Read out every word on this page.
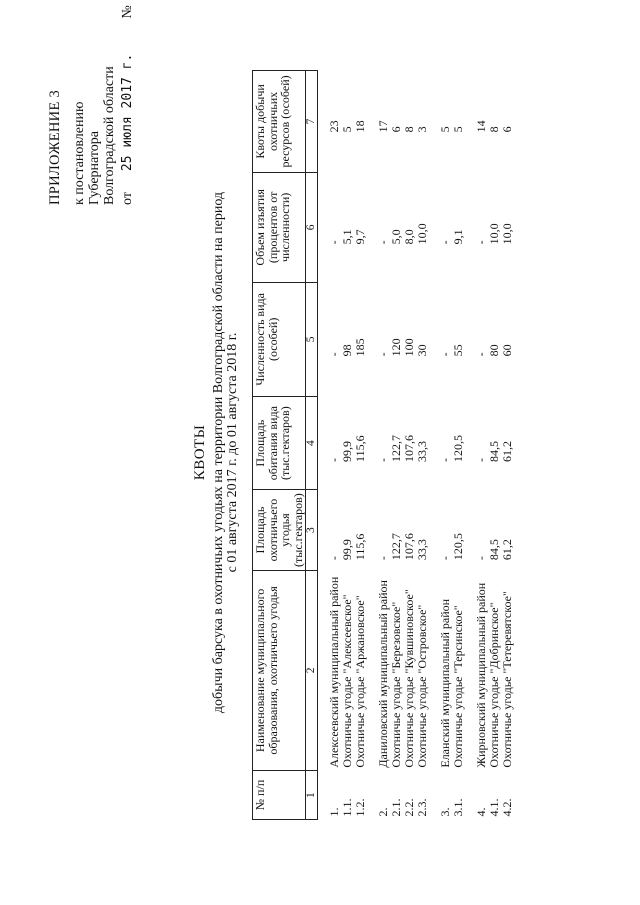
ПРИЛОЖЕНИЕ 3 к постановлению Губернатора Волгоградской области от  25 июля 2017 г.  №
КВОТЫ добычи барсука в охотничьих угодьях на территории Волгоградской области на период с 01 августа 2017 г. до 01 августа 2018 г.
№ п/п	Наименование муниципального образования, охотничьего угодья	Площадь охотничьего угодья (тыс.гектаров)	Площадь обитания вида (тыс.гектаров)	Численность вида (особей)	Объем изъятия (процентов от численности)	Квоты добычи охотничьих ресурсов (особей)
1	2	3	4	5	6	7

1.	Алексеевский муниципальный район	-	-	-	-	23
1.1.	Охотничье угодье "Алексеевское"	99,9	99,9	98	5,1	5
1.2.	Охотничье угодье "Аржановское"	115,6	115,6	185	9,7	18

2.	Даниловский муниципальный район	-	-	-	-	17
2.1.	Охотничье угодье "Березовское"	122,7	122,7	120	5,0	6
2.2.	Охотничье угодье "Кувшиновское"	107,6	107,6	100	8,0	8
2.3.	Охотничье угодье "Островское"	33,3	33,3	30	10,0	3

3.	Еланский муниципальный район	-	-	-	-	5
3.1.	Охотничье угодье "Терсинское"	120,5	120,5	55	9,1	5

4.	Жирновский муниципальный район	-	-	-	-	14
4.1.	Охотничье угодье "Добринское"	84,5	84,5	80	10,0	8
4.2.	Охотничье угодье "Тетеревятское"	61,2	61,2	60	10,0	6
